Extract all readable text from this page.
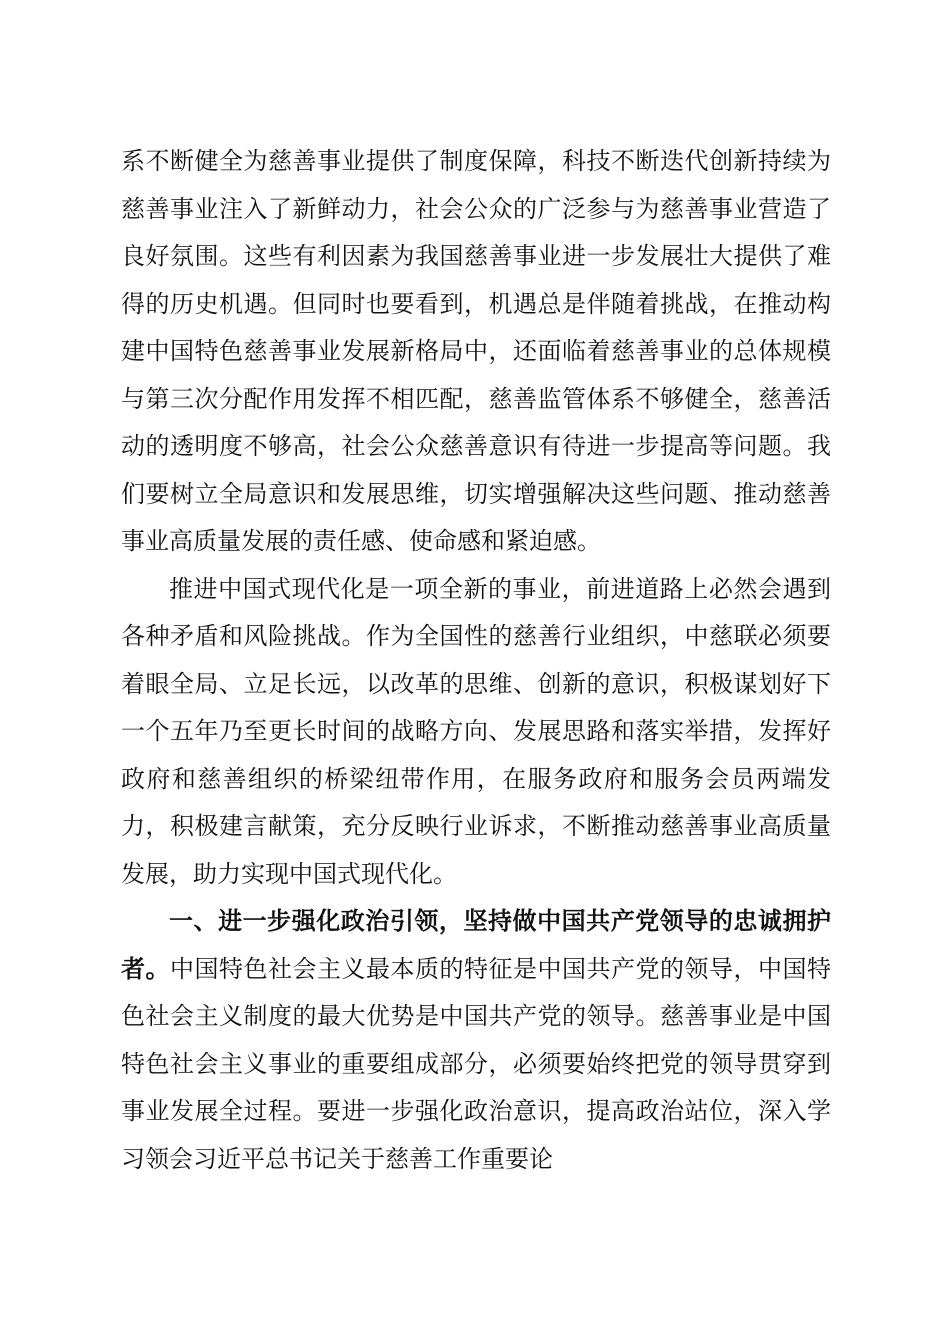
系不断健全为慈善事业提供了制度保障，科技不断迭代创新持续为慈善事业注入了新鲜动力，社会公众的广泛参与为慈善事业营造了良好氛围。这些有利因素为我国慈善事业进一步发展壮大提供了难得的历史机遇。但同时也要看到，机遇总是伴随着挑战，在推动构建中国特色慈善事业发展新格局中，还面临着慈善事业的总体规模与第三次分配作用发挥不相匹配，慈善监管体系不够健全，慈善活动的透明度不够高，社会公众慈善意识有待进一步提高等问题。我们要树立全局意识和发展思维，切实增强解决这些问题、推动慈善事业高质量发展的责任感、使命感和紧迫感。

推进中国式现代化是一项全新的事业，前进道路上必然会遇到各种矛盾和风险挑战。作为全国性的慈善行业组织，中慈联必须要着眼全局、立足长远，以改革的思维、创新的意识，积极谋划好下一个五年乃至更长时间的战略方向、发展思路和落实举措，发挥好政府和慈善组织的桥梁纽带作用，在服务政府和服务会员两端发力，积极建言献策，充分反映行业诉求，不断推动慈善事业高质量发展，助力实现中国式现代化。

一、进一步强化政治引领，坚持做中国共产党领导的忠诚拥护者。中国特色社会主义最本质的特征是中国共产党的领导，中国特色社会主义制度的最大优势是中国共产党的领导。慈善事业是中国特色社会主义事业的重要组成部分，必须要始终把党的领导贯穿到事业发展全过程。要进一步强化政治意识，提高政治站位，深入学习领会习近平总书记关于慈善工作重要论
